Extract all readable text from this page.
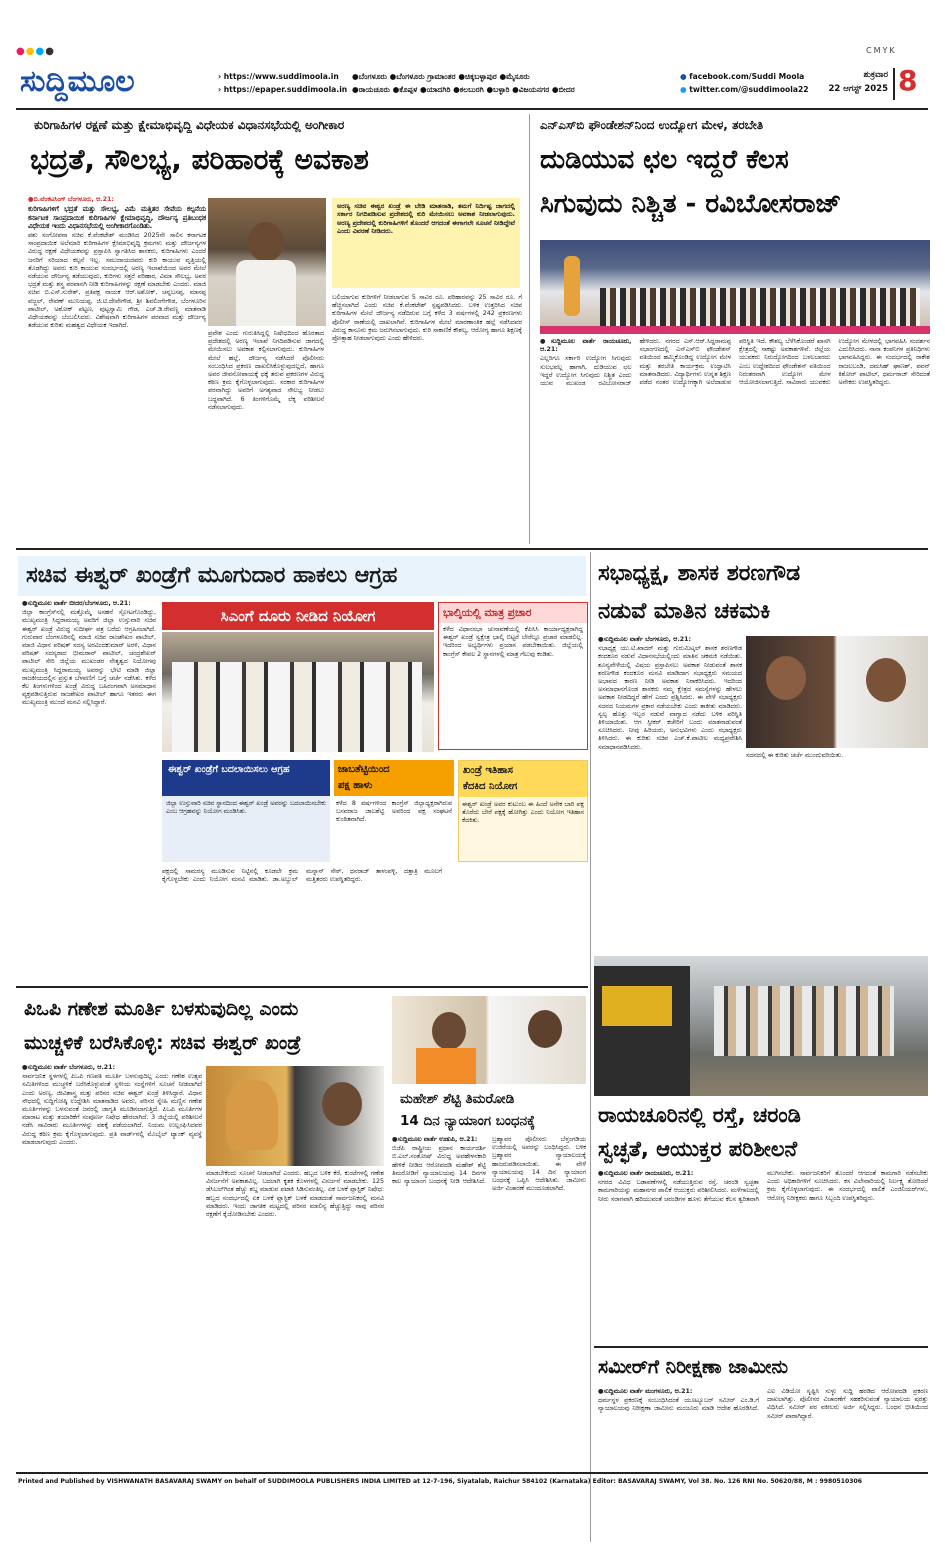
●●●●	CMYK
ಸುದ್ದಿಮೂಲ	› https://www.suddimoola.in
› https://epaper.suddimoola.in
●ಬೆಂಗಳೂರು ●ಬೆಂಗಳೂರು ಗ್ರಾಮಾಂತರ ●ಚಿಕ್ಕಬಳ್ಳಾಪುರ ●ಮೈಸೂರು
●ರಾಯಚೂರು ●ಕೊಪ್ಪಳ ●ಯಾದಗಿರಿ ●ಕಲಬುರಗಿ ●ಬಳ್ಳಾರಿ ●ವಿಜಯನಗರ ●ಬೀದರ
● facebook.com/Suddi Moola
● twitter.com/@suddimoola22
ಶುಕ್ರವಾರ
22 ಆಗಸ್ಟ್ 2025 8
ಕುರಿಗಾಹಿಗಳ ರಕ್ಷಣೆ ಮತ್ತು ಕ್ಷೇಮಾಭಿವೃದ್ಧಿ ವಿಧೇಯಕ ವಿಧಾನಸಭೆಯಲ್ಲಿ ಅಂಗೀಕಾರ
ಭದ್ರತೆ, ಸೌಲಭ್ಯ, ಪರಿಹಾರಕ್ಕೆ ಅವಕಾಶ

●ಬಿ.ವೆಂಕಟಸಿಂಗ್ ಬೆಂಗಳೂರು, ಆ.21:

ಕುರಿಗಾಹಿಗಳಿಗೆ ಭದ್ರತೆ ಮತ್ತು ಸೌಲಭ್ಯ, ವಿಮೆ ಮತ್ತಿತರ ಸೇವೆಯ ಕಲ್ಪನೆಯ ಕರ್ನಾಟಕ ಸಾಂಪ್ರದಾಯಿಕ ಕುರಿಗಾಹಿಗಳ ಕ್ಷೇಮಾಭಿವೃದ್ಧಿ, ದೌರ್ಜನ್ಯ ಪ್ರತಿಬಂಧಕ ವಿಧೇಯಕ ಇಂದು ವಿಧಾನಸಭೆಯಲ್ಲಿ ಅಂಗೀಕಾರಗೊಂಡಿತು.

ಪಶು ಸಂಗೋಪನಾ ಸಚಿವ ಕೆ.ವೆಂಕಟೇಶ್ ಮಂಡಿಸಿದ 2025ನೇ ಸಾಲಿನ ಕರ್ನಾಟಕ ಸಾಂಪ್ರದಾಯಿಕ ಅಲೆಮಾರಿ ಕುರಿಗಾಹಿಗಳ ಕ್ಷೇಮಾಭಿವೃದ್ಧಿ ಕ್ರಮಗಳು ಮತ್ತು ದೌರ್ಜನ್ಯಗಳ ವಿರುದ್ಧ ರಕ್ಷಣೆ ವಿಧೇಯಕವನ್ನು ಪ್ರಸ್ತಾಪಿಸಿ ಸ್ವಾಗತಿಸಿದ ಶಾಸಕರು, ಕುರಿಗಾಹಿಗಳು ಎಂದರೆ ಜನರಿಗೆ ಸರಿಯಾದ ಕಲ್ಪನೆ ಇಲ್ಲ. ಸಮುದಾಯದವರು ಕುರಿ ಕಾಯುವ ವೃತ್ತಿಯಲ್ಲಿ ತೊಡಗಿದ್ದು ಅವರು ಕುರಿ ಕಾಯುವ ಸಂದರ್ಭದಲ್ಲಿ ಅರಣ್ಯ ಇಲಾಖೆಯಿಂದ ಅವರ ಮೇಲೆ ನಡೆಯುವ ದೌರ್ಜನ್ಯ ತಡೆಯುವುದು, ಕುರಿಗಳು ಸತ್ತರೆ ಪರಿಹಾರ, ವಿಮಾ ಸೌಲಭ್ಯ, ಅವರ ಭದ್ರತೆ ಮತ್ತು ಶಸ್ತ್ರ ಪರವಾನಗಿ ನೀಡಿ ಕುರಿಗಾಹಿಗಳನ್ನು ರಕ್ಷಣೆ ಮಾಡಬೇಕು ಎಂದರು. ಮಾಜಿ ಸಚಿವ ಬಿ.ಎಸ್.ಸುರೇಶ್, ಪ್ರತಿಪಕ್ಷ ನಾಯಕ ಆರ್.ಅಶೋಕ್, ಚನ್ನಬಸಪ್ಪ, ಮಾನಪ್ಪ ವಜ್ಜಲ್, ರೇವಣ್ ಮುನಿಯಪ್ಪ, ಜಿ.ಟಿ.ದೇವೇಗೌಡ, ಶ್ರೀ ಶಿವಲಿಂಗೇಗೌಡ, ಬೆಂಗಳೂರಿನ ಪಾಟೀಲ್, ಅಶೋಕ್ ಪಟ್ಟಣ, ಪುಟ್ಟಸ್ವಾಮಿ ಗೌಡ, ಎಚ್.ಡಿ.ರೇವಣ್ಣ ಮಾತನಾಡಿ ವಿಧೇಯಕವನ್ನು ಬೆಂಬಲಿಸಿದರು. ವಿಶೇಷವಾಗಿ ಕುರಿಗಾಹಿಗಳ ಪರವಾದ ಮತ್ತು ದೌರ್ಜನ್ಯ ತಡೆಯುವ ಕುರಿತು ಮಹತ್ವದ ವಿಧೇಯಕ ಇದಾಗಿದೆ.

ಅರಣ್ಯ ಸಚಿವ ಈಶ್ವರ ಖಂಡ್ರೆ ಈ ಬೇಡಿ ಮಾತನಾಡಿ, ತಮಗೆ ನಿರ್ದಿಷ್ಟ ಜಾಗದಲ್ಲಿ ಸರ್ಕಾರ ನಿಗದಿಪಡಿಸುವ ಪ್ರದೇಶದಲ್ಲಿ ಕುರಿ ಮೇಯಿಸಲು ಅವಕಾಶ ನೀಡಲಾಗುವುದು. ಅರಣ್ಯ ಪ್ರದೇಶದಲ್ಲಿ ಕುರಿಗಾಹಿಗಳಿಗೆ ತೊಂದರೆ ಆಗದಂತೆ ಈಗಾಗಲೇ ಸೂಚನೆ ನೀಡಿದ್ದೇವೆ ಎಂದು ವಿವರಣೆ ನೀಡಿದರು.

ಪ್ರವೇಶ ಎಂದು ಗುರುತಿಸಿದ್ದಲ್ಲಿ ನಿಷೇಧದಿಂದ ಹೊರತಾದ ಪ್ರದೇಶದಲ್ಲಿ ಅರಣ್ಯ ಇಲಾಖೆ ನಿಗದಿಪಡಿಸುವ ಜಾಗದಲ್ಲಿ ಮೇಯಿಸಲು ಅವಕಾಶ ಕಲ್ಪಿಸಲಾಗುವುದು. ಕುರಿಗಾಹಿಗಳ ಮೇಲೆ ಹಲ್ಲೆ, ದೌರ್ಜನ್ಯ ನಡೆಸಿದರೆ ಪೊಲೀಸರು ಸಂಬಂಧಿಸಿದ ಪ್ರಕರಣ ದಾಖಲಿಸಿಕೊಳ್ಳುವುದಲ್ಲದೆ, ಹಾಗೂ ಅವರ ಜೀವನೋಪಾಯಕ್ಕೆ ಧಕ್ಕೆ ತರುವ ಪ್ರಕರಣಗಳ ವಿರುದ್ಧ ಕಠಿಣ ಕ್ರಮ ಕೈಗೊಳ್ಳಲಾಗುವುದು. ಸರಕಾರ ಕುರಿಗಾಹಿಗಳ ಪರವಾಗಿದ್ದು ಅವರಿಗೆ ಅಗತ್ಯವಾದ ಸೌಲಭ್ಯ ನೀಡಲು ಬದ್ಧವಾಗಿದೆ. 6 ತಿಂಗಳಿಗೊಮ್ಮೆ ಲೆಕ್ಕ ಪರಿಶೀಲನೆ ನಡೆಸಲಾಗುವುದು.

ಬಲಿಯಾಗುವ ಕುರಿಗಳಿಗೆ ನೀಡಲಾಗುವ 5 ಸಾವಿರ ರೂ. ಪರಿಹಾರವನ್ನು 25 ಸಾವಿರ ರೂ. ಗೆ ಹೆಚ್ಚಿಸಲಾಗಿದೆ ಎಂದು ಸಚಿವ ಕೆ.ವೆಂಕಟೇಶ್ ಸ್ಪಷ್ಟಪಡಿಸಿದರು. ಬಳಿಕ ಉತ್ತರಿಸಿದ ಸಚಿವ ಕುರಿಗಾಹಿಗಳ ಮೇಲೆ ದೌರ್ಜನ್ಯ ನಡೆದಿರುವ ಬಗ್ಗೆ ಕಳೆದ 3 ವರ್ಷಗಳಲ್ಲಿ 242 ಪ್ರಕರಣಗಳು ಪೊಲೀಸ್ ಠಾಣೆಯಲ್ಲಿ ದಾಖಲಾಗಿವೆ. ಕುರಿಗಾಹಿಗಳ ಮೇಲೆ ಮಾರಣಾಂತಿಕ ಹಲ್ಲೆ ನಡೆಸಿದವರ ವಿರುದ್ಧ ಕಾನೂನು ಕ್ರಮ ಜರುಗಿಸಲಾಗುವುದು. ಕುರಿ ಸಾಕಾಣಿಕೆ ಕೌಶಲ್ಯ, ಆರೋಗ್ಯ ಹಾಗೂ ಶಿಕ್ಷಣಕ್ಕೆ ಪ್ರೋತ್ಸಾಹ ನೀಡಲಾಗುವುದು ಎಂದು ಹೇಳಿದರು.

ಎನ್ಎಸ್‌ಬಿ ಫೌಂಡೇಶನ್‌ನಿಂದ ಉದ್ಯೋಗ ಮೇಳ, ತರಬೇತಿ
ದುಡಿಯುವ ಛಲ ಇದ್ದರೆ ಕೆಲಸ
ಸಿಗುವುದು ನಿಶ್ಚಿತ - ರವಿಬೋಸರಾಜ್

●ಸುದ್ದಿಮೂಲ ವಾರ್ತೆ ರಾಯಚೂರು, ಆ.21:

ಎಲ್ಲರಿಗೂ ಸರ್ಕಾರಿ ಉದ್ಯೋಗ ಸಿಗುವುದು ಸುಲಭವಲ್ಲ ಹಾಗಾಗಿ, ದುಡಿಯುವ ಛಲ ಇದ್ದರೆ ಉದ್ಯೋಗ ಸಿಗುವುದು ನಿಶ್ಚಿತ ಎಂದು ಯುವ ಮುಖಂಡ ರವಿಬೋಸರಾಜ್ ಹೇಳಿದರು. ನಗರದ ಎಸ್.ಆರ್.ಸಿದ್ದರಾಮಪ್ಪ ಸಭಾಂಗಣದಲ್ಲಿ ಎನ್‌ಎಸ್‌ಬಿ ಫೌಂಡೇಶನ್ ವತಿಯಿಂದ ಹಮ್ಮಿಕೊಂಡಿದ್ದ ಉದ್ಯೋಗ ಮೇಳ ಮತ್ತು ತರಬೇತಿ ಕಾರ್ಯಕ್ರಮ ಉದ್ಘಾಟಿಸಿ ಮಾತನಾಡಿದರು. ವಿದ್ಯಾರ್ಥಿಗಳು ಉನ್ನತ ಶಿಕ್ಷಣ ಪಡೆದ ನಂತರ ಉದ್ಯೋಗಕ್ಕಾಗಿ ಅಲೆದಾಡುವ ಪರಿಸ್ಥಿತಿ ಇದೆ. ಕೌಶಲ್ಯ ಬೆಳೆಸಿಕೊಂಡರೆ ಖಾಸಗಿ ಕ್ಷೇತ್ರದಲ್ಲಿ ಸಾಕಷ್ಟು ಅವಕಾಶಗಳಿವೆ. ಜಿಲ್ಲೆಯ ಯುವಕರು ನಿರುದ್ಯೋಗದಿಂದ ಬಳಲಬಾರದು ಎಂಬ ಉದ್ದೇಶದಿಂದ ಫೌಂಡೇಶನ್ ವತಿಯಿಂದ ನಿರಂತರವಾಗಿ ಉದ್ಯೋಗ ಮೇಳ ಆಯೋಜಿಸಲಾಗುತ್ತಿದೆ. ಸಾವಿರಾರು ಯುವಕರು ಉದ್ಯೋಗ ಮೇಳದಲ್ಲಿ ಭಾಗವಹಿಸಿ ಸಂದರ್ಶನ ಎದುರಿಸಿದರು. ನಾನಾ ಕಂಪನಿಗಳ ಪ್ರತಿನಿಧಿಗಳು ಭಾಗವಹಿಸಿದ್ದರು. ಈ ಸಂದರ್ಭದಲ್ಲಿ ರಾಕೇಶ ರಾಜಲಬಂಡಿ, ದಮಸಿಹ್ ಘಾಣಶ್, ಪವನ್ ಕಿಶೋರ್ ಪಾಟೀಲ್, ಧರ್ಮರಾಜ್ ಸೇರಿದಂತೆ ಅನೇಕರು ಉಪಸ್ಥಿತರಿದ್ದರು.

ಸಚಿವ ಈಶ್ವರ್ ಖಂಡ್ರೆಗೆ ಮೂಗುದಾರ ಹಾಕಲು ಆಗ್ರಹ

●ಸುದ್ದಿಮೂಲ ವಾರ್ತೆ ಬೀದರ/ಬೆಂಗಳೂರು, ಆ.21:

ಜಿಲ್ಲಾ ಕಾಂಗ್ರೆಸ್‌ನಲ್ಲಿ ಮತ್ತೊಮ್ಮೆ ಅಸಹನೆ ಸ್ಫೋಟಗೊಂಡಿದ್ದು, ಮುಖ್ಯಮಂತ್ರಿ ಸಿದ್ದರಾಮಯ್ಯ ಅವರಿಗೆ ಜಿಲ್ಲಾ ಉಸ್ತುವಾರಿ ಸಚಿವ ಈಶ್ವರ್ ಖಂಡ್ರೆ ವಿರುದ್ಧ ಸುದೀರ್ಘ ಪತ್ರ ಬರೆದು ಆಗ್ರಹಿಸಲಾಗಿದೆ. ಗುರುವಾರ ಬೆಂಗಳೂರಿನಲ್ಲಿ ಮಾಜಿ ಸಚಿವ ರಾಜಶೇಖರ ಪಾಟೀಲ್, ಮಾಜಿ ವಿಧಾನ ಪರಿಷತ್ ಸದಸ್ಯ ಅರವಿಂದಕುಮಾರ್ ಅರಳಿ, ವಿಧಾನ ಪರಿಷತ್ ಸದಸ್ಯರಾದ ಭೀಮರಾವ್ ಪಾಟೀಲ್, ಚಂದ್ರಶೇಖರ್ ಪಾಟೀಲ್ ಸೇರಿ ಜಿಲ್ಲೆಯ ಮುಖಂಡರ ನೇತೃತ್ವದ ನಿಯೋಗವು ಮುಖ್ಯಮಂತ್ರಿ ಸಿದ್ದರಾಮಯ್ಯ ಅವರನ್ನು ಭೇಟಿ ಮಾಡಿ ಜಿಲ್ಲಾ ರಾಜಕೀಯದಲ್ಲಿನ ಪ್ರಸ್ತುತ ಬೆಳವಣಿಗೆ ಬಗ್ಗೆ ಚರ್ಚೆ ನಡೆಸಿತು. ಕಳೆದ ಕೆಲ ತಿಂಗಳುಗಳಿಂದ ಖಂಡ್ರೆ ವಿರುದ್ಧ ಬಹಿರಂಗವಾಗಿ ಅಸಮಾಧಾನ ವ್ಯಕ್ತಪಡಿಸುತ್ತಿರುವ ರಾಜಶೇಖರ ಪಾಟೀಲ್ ಹಾಗೂ ಇತರರು ಈಗ ಮುಖ್ಯಮಂತ್ರಿ ಮುಂದೆ ಮನವಿ ಸಲ್ಲಿಸಿದ್ದಾರೆ.

ಸಿಎಂಗೆ ದೂರು ನೀಡಿದ ನಿಯೋಗ	ಭಾಲ್ಕಿಯಲ್ಲಿ ಮಾತ್ರ ಪ್ರಚಾರ
ಕಳೆದ ವಿಧಾನಸಭಾ ಚುನಾವಣೆಯಲ್ಲಿ ಕೆಪಿಸಿಸಿ ಕಾರ್ಯಾಧ್ಯಕ್ಷರಾಗಿದ್ದ ಈಶ್ವರ್ ಖಂಡ್ರೆ ಸ್ವಕ್ಷೇತ್ರ ಭಾಲ್ಕಿ ಬಿಟ್ಟರೆ ಬೇರೆಲ್ಲೂ ಪ್ರಚಾರ ಮಾಡಲಿಲ್ಲ. ಇದರಿಂದ ಅಭ್ಯರ್ಥಿಗಳು ಪ್ರಯಾಸ ಪಡಬೇಕಾಯಿತು. ಜಿಲ್ಲೆಯಲ್ಲಿ ಕಾಂಗ್ರೆಸ್ ಕೇವಲ 2 ಸ್ಥಾನಗಳಲ್ಲಿ ಮಾತ್ರ ಗೆಲುವು ಕಂಡಿತು.
ಈಶ್ವರ್ ಖಂಡ್ರೆಗೆ ಬದಲಾಯಿಸಲು ಆಗ್ರಹ
ಜಿಲ್ಲಾ ಉಸ್ತುವಾರಿ ಸಚಿವ ಸ್ಥಾನದಿಂದ ಈಶ್ವರ್ ಖಂಡ್ರೆ ಅವರನ್ನು ಬದಲಾಯಿಸಬೇಕು ಎಂಬ ಆಗ್ರಹವನ್ನು ನಿಯೋಗ ಮಂಡಿಸಿತು.
ಜಾಬತೆಟ್ಟಿಯಿಂದ
ಪಕ್ಷ ಹಾಳು
ಕಳೆದ 8 ವರ್ಷಗಳಿಂದ ಕಾಂಗ್ರೆಸ್ ಜಿಲ್ಲಾಧ್ಯಕ್ಷರಾಗಿರುವ ಬಸವರಾಜ ಜಾಬಶೆಟ್ಟಿ ಅವರಿಂದ ಪಕ್ಷ ಸಂಘಟನೆ ಕುಂಠಿತವಾಗಿದೆ.
ಖಂಡ್ರೆ ಇತಿಹಾಸ
ಕೆದಕಿದ ನಿಯೋಗ
ಈಶ್ವರ್ ಖಂಡ್ರೆ ಅವರ ಕುಟುಂಬ ಈ ಹಿಂದೆ ಅನೇಕ ಬಾರಿ ಪಕ್ಷ ತೊರೆದು ಬೇರೆ ಪಕ್ಷಕ್ಕೆ ಹೋಗಿತ್ತು ಎಂದು ನಿಯೋಗ ಇತಿಹಾಸ ಕೆದಕಿತು.

ಪಕ್ಷದಲ್ಲಿ ಸಾಮರಸ್ಯ ಮೂಡಿಸುವ ನಿಟ್ಟಿನಲ್ಲಿ ಕೂಡಲೇ ಕ್ರಮ ಕೈಗೊಳ್ಳಬೇಕು ಎಂದು ನಿಯೋಗ ಮನವಿ ಮಾಡಿತು. ಡಾ.ಅಬ್ದುಲ್ ಮನ್ನಾನ್ ಸೇಠ್, ಧನರಾಜ್ ತಾಳಂಪಳ್ಳಿ, ದತ್ತಾತ್ರಿ ಮೂಲಗೆ ಮತ್ತಿತರರು ಉಪಸ್ಥಿತರಿದ್ದರು.

ಸಭಾಧ್ಯಕ್ಷ, ಶಾಸಕ ಶರಣಗೌಡ
ನಡುವೆ ಮಾತಿನ ಚಕಮಕಿ

●ಸುದ್ದಿಮೂಲ ವಾರ್ತೆ ಬೆಂಗಳೂರು, ಆ.21:

ಸಭಾಧ್ಯಕ್ಷ ಯು.ಟಿ.ಖಾದರ್ ಮತ್ತು ಗುರುಮಿಟ್ಕಲ್ ಶಾಸಕ ಶರಣಗೌಡ ಕಂದಕೂರ ನಡುವೆ ವಿಧಾನಸಭೆಯಲ್ಲಿಂದು ಮಾತಿನ ಚಕಮಕಿ ನಡೆಯಿತು. ಶೂನ್ಯವೇಳೆಯಲ್ಲಿ ವಿಷಯ ಪ್ರಸ್ತಾಪಿಸಲು ಅವಕಾಶ ನೀಡುವಂತೆ ಶಾಸಕ ಶರಣಗೌಡ ಕಂದಕೂರ ಮನವಿ ಮಾಡಿದಾಗ ಸಭಾಧ್ಯಕ್ಷರು ಸಮಯದ ಅಭಾವದ ಕಾರಣ ನೀಡಿ ಅವಕಾಶ ನಿರಾಕರಿಸಿದರು. ಇದರಿಂದ ಅಸಮಾಧಾನಗೊಂಡ ಶಾಸಕರು ನಮ್ಮ ಕ್ಷೇತ್ರದ ಸಮಸ್ಯೆಗಳನ್ನು ಹೇಳಲು ಅವಕಾಶ ನೀಡದಿದ್ದರೆ ಹೇಗೆ ಎಂದು ಪ್ರಶ್ನಿಸಿದರು. ಈ ವೇಳೆ ಸಭಾಧ್ಯಕ್ಷರು ಸದನದ ನಿಯಮಗಳ ಪ್ರಕಾರ ನಡೆಯಬೇಕು ಎಂದು ತಾಕೀತು ಮಾಡಿದರು. ಸ್ವಲ್ಪ ಹೊತ್ತು ಇಬ್ಬರ ನಡುವೆ ವಾಗ್ವಾದ ನಡೆದು ಬಳಿಕ ಪರಿಸ್ಥಿತಿ ತಿಳಿಯಾಯಿತು. ಆಗ ಸ್ಪೀಕರ್ ಕಚೇರಿಗೆ ಬಂದು ಮಾತನಾಡುವಂತೆ ಸೂಚಿಸಿದರು. ನೀವು ಹಿರಿಯರು, ಅನುಭವಿಗಳು ಎಂದು ಸಭಾಧ್ಯಕ್ಷರು ತಿಳಿಸಿದರು. ಈ ಕುರಿತು ಸಚಿವ ಎಚ್.ಕೆ.ಪಾಟೀಲ ಮಧ್ಯಪ್ರವೇಶಿಸಿ ಸಮಾಧಾನಪಡಿಸಿದರು.

ಸದನದಲ್ಲಿ ಈ ಕುರಿತು ಚರ್ಚೆ ಮುಂದುವರಿಯಿತು.

ಪಿಒಪಿ ಗಣೇಶ ಮೂರ್ತಿ ಬಳಸುವುದಿಲ್ಲ ಎಂದು
ಮುಚ್ಚಳಿಕೆ ಬರೆಸಿಕೊಳ್ಳಿ: ಸಚಿವ ಈಶ್ವರ್ ಖಂಡ್ರೆ

●ಸುದ್ದಿಮೂಲ ವಾರ್ತೆ ಬೆಂಗಳೂರು, ಆ.21:

ಸಾರ್ವಜನಿಕ ಸ್ಥಳಗಳಲ್ಲಿ ಪಿಒಪಿ ಗಣಪತಿ ಮೂರ್ತಿ ಬಳಸುವುದಿಲ್ಲ ಎಂದು ಗಣೇಶ ಉತ್ಸವ ಸಮಿತಿಗಳಿಂದ ಮುಚ್ಚಳಿಕೆ ಬರೆಸಿಕೊಳ್ಳುವಂತೆ ಸ್ಥಳೀಯ ಸಂಸ್ಥೆಗಳಿಗೆ ಸೂಚನೆ ನೀಡಲಾಗಿದೆ ಎಂದು ಅರಣ್ಯ, ಜೀವಿಶಾಸ್ತ್ರ ಮತ್ತು ಪರಿಸರ ಸಚಿವ ಈಶ್ವರ್ ಖಂಡ್ರೆ ತಿಳಿಸಿದ್ದಾರೆ. ವಿಧಾನ ಸೌಧದಲ್ಲಿ ಸುದ್ದಿಗೋಷ್ಠಿ ಉದ್ದೇಶಿಸಿ ಮಾತನಾಡಿದ ಅವರು, ಪರಿಸರ ಸ್ನೇಹಿ ಮಣ್ಣಿನ ಗಣೇಶ ಮೂರ್ತಿಗಳನ್ನು ಬಳಸುವಂತೆ ಜನರಲ್ಲಿ ಜಾಗೃತಿ ಮೂಡಿಸಲಾಗುತ್ತಿದೆ. ಪಿಒಪಿ ಮೂರ್ತಿಗಳ ಮಾರಾಟ ಮತ್ತು ತಯಾರಿಕೆಗೆ ಸಂಪೂರ್ಣ ನಿಷೇಧ ಹೇರಲಾಗಿದೆ. 3 ಜಿಲ್ಲೆಯಲ್ಲಿ ಪರಿಶೀಲನೆ ನಡೆಸಿ ಸಾವಿರಾರು ಮೂರ್ತಿಗಳನ್ನು ವಶಕ್ಕೆ ಪಡೆಯಲಾಗಿದೆ. ನಿಯಮ ಉಲ್ಲಂಘಿಸಿದವರ ವಿರುದ್ಧ ಕಠಿಣ ಕ್ರಮ ಕೈಗೊಳ್ಳಲಾಗುವುದು. ಪ್ರತಿ ವಾರ್ಡ್‌ನಲ್ಲಿ ಮೊಬೈಲ್ ಟ್ಯಾಂಕ್ ವ್ಯವಸ್ಥೆ ಮಾಡಲಾಗುವುದು ಎಂದರು.

ಮಾಡಬೇಕೆಂದು ಸೂಚನೆ ನೀಡಲಾಗಿದೆ ಎಂದರು. ಹಬ್ಬದ ಬಳಿಕ ಕೆರೆ, ಕುಂಟೆಗಳಲ್ಲಿ ಗಣೇಶ ವಿಸರ್ಜನೆಗೆ ಅವಕಾಶವಿಲ್ಲ. ಬದಲಾಗಿ ಕೃತಕ ಕೊಳಗಳಲ್ಲಿ ವಿಸರ್ಜನೆ ಮಾಡಬೇಕು. 125 ಡೆಸಿಬಲ್‌ಗಿಂತ ಹೆಚ್ಚು ಶಬ್ದ ಮಾಡುವ ಪಟಾಕಿ ಸಿಡಿಸುವಂತಿಲ್ಲ. ಏಕ ಬಳಕೆ ಪ್ಲಾಸ್ಟಿಕ್ ನಿಷೇಧ: ಹಬ್ಬದ ಸಂದರ್ಭದಲ್ಲಿ ಏಕ ಬಳಕೆ ಪ್ಲಾಸ್ಟಿಕ್ ಬಳಕೆ ಮಾಡದಂತೆ ಸಾರ್ವಜನಿಕರಲ್ಲಿ ಮನವಿ ಮಾಡಿದರು. ಇಂದು ಜಾಗತಿಕ ಮಟ್ಟದಲ್ಲಿ ಪರಿಸರ ಮಾಲಿನ್ಯ ಹೆಚ್ಚುತ್ತಿದ್ದು ನಾವು ಪರಿಸರ ರಕ್ಷಣೆಗೆ ಕೈಜೋಡಿಸಬೇಕು ಎಂದರು.

ಮಹೇಶ್ ಶೆಟ್ಟಿ ತಿಮರೋಡಿ
14 ದಿನ ನ್ಯಾಯಾಂಗ ಬಂಧನಕ್ಕೆ

●ಸುದ್ದಿಮೂಲ ವಾರ್ತೆ ಉಡುಪಿ, ಆ.21:

ಬಿಜೆಪಿ ರಾಷ್ಟ್ರೀಯ ಪ್ರಧಾನ ಕಾರ್ಯದರ್ಶಿ ಬಿ.ಎಲ್.ಸಂತೋಷ್ ವಿರುದ್ಧ ಅವಹೇಳನಕಾರಿ ಹೇಳಿಕೆ ನೀಡಿದ ಆರೋಪದಡಿ ಮಹೇಶ್ ಶೆಟ್ಟಿ ತಿಮರೋಡಿಗೆ ನ್ಯಾಯಾಲಯವು 14 ದಿನಗಳ ಕಾಲ ನ್ಯಾಯಾಂಗ ಬಂಧನಕ್ಕೆ ನೀಡಿ ಆದೇಶಿಸಿದೆ. ಬ್ರಹ್ಮಾವರ ಪೊಲೀಸರು ಬೆಳ್ತಂಗಡಿಯ ಉಜಿರೆಯಲ್ಲಿ ಅವರನ್ನು ಬಂಧಿಸಿದ್ದರು. ಬಳಿಕ ಬ್ರಹ್ಮಾವರ ನ್ಯಾಯಾಲಯಕ್ಕೆ ಹಾಜರುಪಡಿಸಲಾಯಿತು. ಈ ವೇಳೆ ನ್ಯಾಯಾಲಯವು 14 ದಿನ ನ್ಯಾಯಾಂಗ ಬಂಧನಕ್ಕೆ ಒಪ್ಪಿಸಿ ಆದೇಶಿಸಿತು. ಜಾಮೀನು ಅರ್ಜಿ ವಿಚಾರಣೆ ಮುಂದೂಡಲಾಗಿದೆ.

ರಾಯಚೂರಿನಲ್ಲಿ ರಸ್ತೆ, ಚರಂಡಿ
ಸ್ವಚ್ಛತೆ, ಆಯುಕ್ತರ ಪರಿಶೀಲನೆ

●ಸುದ್ದಿಮೂಲ ವಾರ್ತೆ ರಾಯಚೂರು, ಆ.21:

ನಗರದ ವಿವಿಧ ಬಡಾವಣೆಗಳಲ್ಲಿ ನಡೆಯುತ್ತಿರುವ ರಸ್ತೆ, ಚರಂಡಿ ಸ್ವಚ್ಛತಾ ಕಾಮಗಾರಿಯನ್ನು ಮಹಾನಗರ ಪಾಲಿಕೆ ಆಯುಕ್ತರು ಪರಿಶೀಲಿಸಿದರು. ಮಳೆಗಾಲದಲ್ಲಿ ನೀರು ಸರಾಗವಾಗಿ ಹರಿಯುವಂತೆ ಚರಂಡಿಗಳ ಹೂಳು ತೆಗೆಯುವ ಕೆಲಸ ತ್ವರಿತವಾಗಿ ಮುಗಿಸಬೇಕು. ಸಾರ್ವಜನಿಕರಿಗೆ ತೊಂದರೆ ಆಗದಂತೆ ಕಾಮಗಾರಿ ನಡೆಸಬೇಕು ಎಂದು ಅಧಿಕಾರಿಗಳಿಗೆ ಸೂಚಿಸಿದರು. ಕಸ ವಿಲೇವಾರಿಯಲ್ಲಿ ನಿರ್ಲಕ್ಷ್ಯ ತೋರಿದರೆ ಕ್ರಮ ಕೈಗೊಳ್ಳಲಾಗುವುದು. ಈ ಸಂದರ್ಭದಲ್ಲಿ ಪಾಲಿಕೆ ಎಂಜಿನಿಯರ್‌ಗಳು, ಆರೋಗ್ಯ ನಿರೀಕ್ಷಕರು ಹಾಗೂ ಸಿಬ್ಬಂದಿ ಉಪಸ್ಥಿತರಿದ್ದರು.

ಸಮೀರ್‌ಗೆ ನಿರೀಕ್ಷಣಾ ಜಾಮೀನು

●ಸುದ್ದಿಮೂಲ ವಾರ್ತೆ ಮಂಗಳೂರು, ಆ.21:

ಧರ್ಮಸ್ಥಳ ಪ್ರಕರಣಕ್ಕೆ ಸಂಬಂಧಿಸಿದಂತೆ ಯೂಟ್ಯೂಬರ್ ಸಮೀರ್ ಎಂ.ಡಿ.ಗೆ ನ್ಯಾಯಾಲಯವು ನಿರೀಕ್ಷಣಾ ಜಾಮೀನು ಮಂಜೂರು ಮಾಡಿ ಆದೇಶ ಹೊರಡಿಸಿದೆ. ಎಐ ವಿಡಿಯೋ ಸೃಷ್ಟಿಸಿ ಸುಳ್ಳು ಸುದ್ದಿ ಹರಡಿದ ಆರೋಪದಡಿ ಪ್ರಕರಣ ದಾಖಲಾಗಿತ್ತು. ಪೊಲೀಸರ ವಿಚಾರಣೆಗೆ ಸಹಕರಿಸುವಂತೆ ನ್ಯಾಯಾಲಯ ಷರತ್ತು ವಿಧಿಸಿದೆ. ಸಮೀರ್ ಪರ ವಕೀಲರು ಅರ್ಜಿ ಸಲ್ಲಿಸಿದ್ದರು. ಬಂಧನ ಭೀತಿಯಿಂದ ಸಮೀರ್ ಪಾರಾಗಿದ್ದಾರೆ.

Printed and Published by VISHWANATH BASAVARAJ SWAMY on behalf of SUDDIMOOLA PUBLISHERS INDIA LIMITED at 12-7-196, Siyatalab, Raichur 584102 (Karnataka) Editor: BASAVARAJ SWAMY, Vol 38. No. 126 RNI No. 50620/88, M : 9980510306
